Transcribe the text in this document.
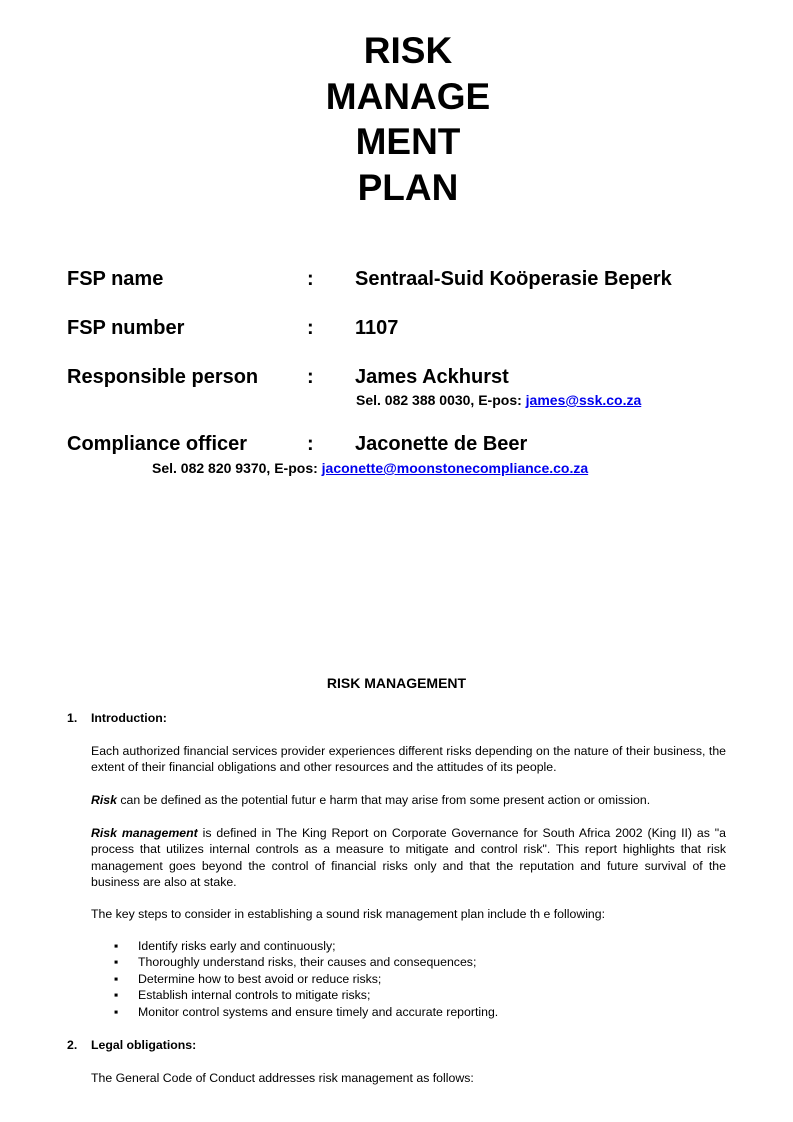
RISK
MANAGE
MENT
PLAN
FSP name	: Sentraal-Suid Koöperasie Beperk
FSP number	: 1107
Responsible person : James Ackhurst
Sel. 082 388 0030, E-pos: james@ssk.co.za
Compliance officer	: Jaconette de Beer
Sel. 082 820 9370, E-pos: jaconette@moonstonecompliance.co.za
RISK MANAGEMENT
1. Introduction:
Each authorized financial services provider experiences different risks depending on the nature of their business, the extent of their financial obligations and other resources and the attitudes of its people.
Risk can be defined as the potential futur e harm that may arise from some present action or omission.
Risk management is defined in The King Report on Corporate Governance for South Africa 2002 (King II) as "a process that utilizes internal controls as a measure to mitigate and control risk". This report highlights that risk management goes beyond the control of financial risks only and that the reputation and future survival of the business are also at stake.
The key steps to consider in establishing a sound risk management plan include th e following:
▪ Identify risks early and continuously;
▪ Thoroughly understand risks, their causes and consequences;
▪ Determine how to best avoid or reduce risks;
▪ Establish internal controls to mitigate risks;
▪ Monitor control systems and ensure timely and accurate reporting.
2. Legal obligations:
The General Code of Conduct addresses risk management as follows:
